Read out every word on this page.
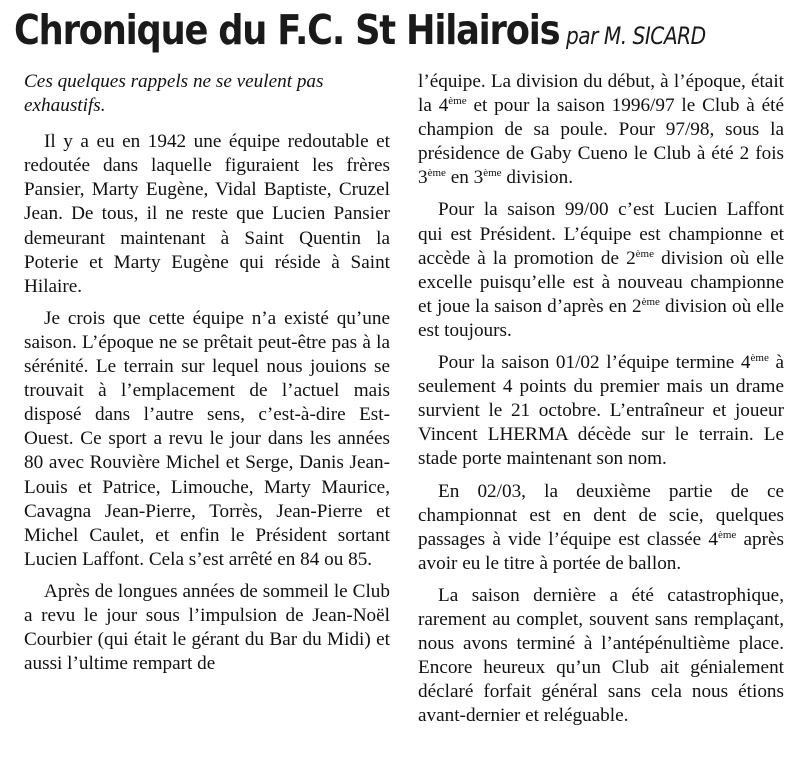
Chronique du F.C. St Hilairois par M. SICARD

Ces quelques rappels ne se veulent pas exhaustifs.

Il y a eu en 1942 une équipe redoutable et redoutée dans laquelle figuraient les frères Pansier, Marty Eugène, Vidal Baptiste, Cruzel Jean. De tous, il ne reste que Lucien Pansier demeurant maintenant à Saint Quentin la Poterie et Marty Eugène qui réside à Saint Hilaire.

Je crois que cette équipe n’a existé qu’une saison. L’époque ne se prêtait peut-être pas à la sérénité. Le terrain sur lequel nous jouions se trouvait à l’emplacement de l’actuel mais disposé dans l’autre sens, c’est-à-dire Est-Ouest. Ce sport a revu le jour dans les années 80 avec Rouvière Michel et Serge, Danis Jean-Louis et Patrice, Limouche, Marty Maurice, Cavagna Jean-Pierre, Torrès, Jean-Pierre et Michel Caulet, et enfin le Président sortant Lucien Laffont. Cela s’est arrêté en 84 ou 85.

Après de longues années de sommeil le Club a revu le jour sous l’impulsion de Jean-Noël Courbier (qui était le gérant du Bar du Midi) et aussi l’ultime rempart de

l’équipe. La division du début, à l’époque, était la 4ème et pour la saison 1996/97 le Club à été champion de sa poule. Pour 97/98, sous la présidence de Gaby Cueno le Club à été 2 fois 3ème en 3ème division.

Pour la saison 99/00 c’est Lucien Laffont qui est Président. L’équipe est championne et accède à la promotion de 2ème division où elle excelle puisqu’elle est à nouveau championne et joue la saison d’après en 2ème division où elle est toujours.

Pour la saison 01/02 l’équipe termine 4ème à seulement 4 points du premier mais un drame survient le 21 octobre. L’entraîneur et joueur Vincent LHERMA décède sur le terrain. Le stade porte maintenant son nom.

En 02/03, la deuxième partie de ce championnat est en dent de scie, quelques passages à vide l’équipe est classée 4ème après avoir eu le titre à portée de ballon.

La saison dernière a été catastrophique, rarement au complet, souvent sans remplaçant, nous avons terminé à l’antépénultième place. Encore heureux qu’un Club ait génialement déclaré forfait général sans cela nous étions avant-dernier et reléguable.
